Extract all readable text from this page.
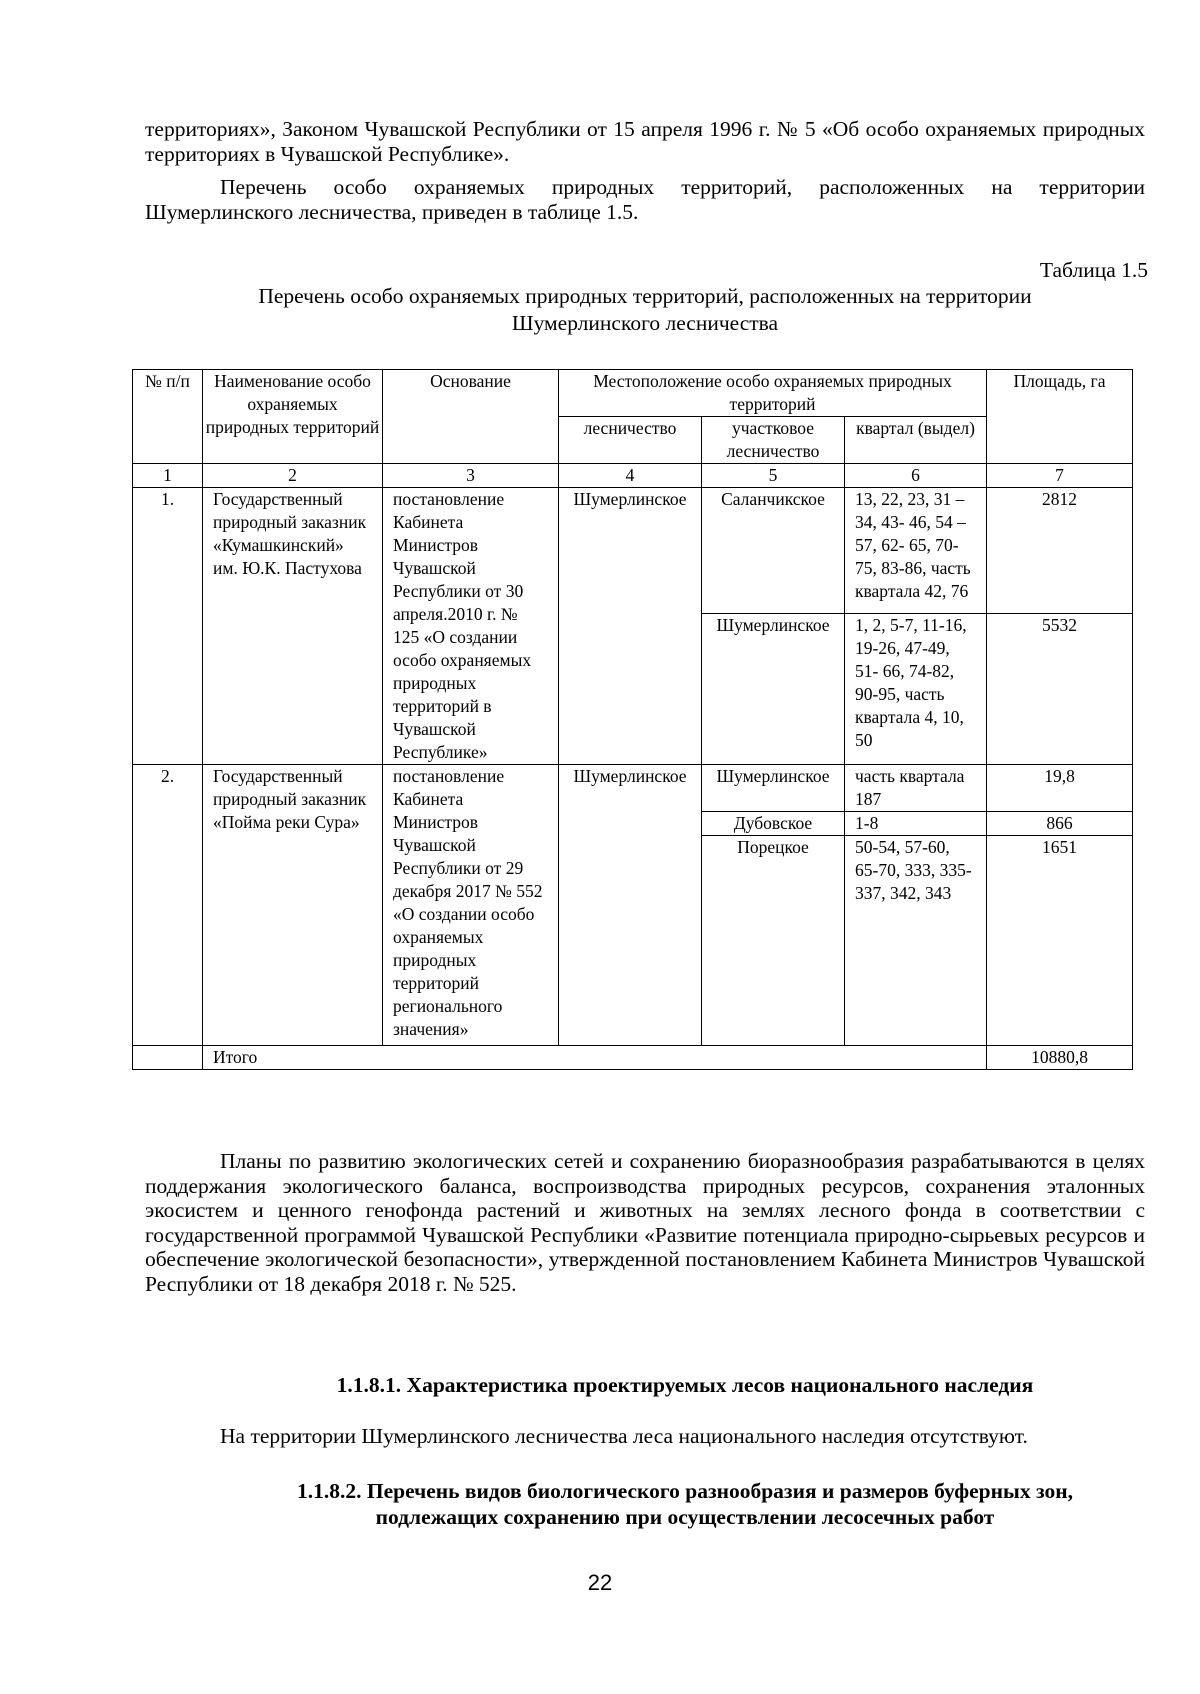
территориях», Законом Чувашской Республики от 15 апреля 1996 г. № 5 «Об особо охраняемых природных территориях в Чувашской Республике».

Перечень особо охраняемых природных территорий, расположенных на территории Шумерлинского лесничества, приведен в таблице 1.5.

Таблица 1.5
Перечень особо охраняемых природных территорий, расположенных на территории
Шумерлинского лесничества
№ п/п	Наименование особо охраняемых природных территорий	Основание	Местоположение особо охраняемых природных территорий			Площадь, га
			лесничество	участковое лесничество	квартал (выдел)	
1	2	3	4	5	6	7
1.	Государственный природный заказник «Кумашкинский» им. Ю.К. Пастухова	постановление Кабинета Министров Чувашской Республики от 30 апреля.2010 г. № 125 «О создании особо охраняемых природных территорий в Чувашской Республике»	Шумерлинское	Саланчикское	13, 22, 23, 31 – 34, 43- 46, 54 – 57, 62- 65, 70-75, 83-86, часть квартала 42, 76	2812
				Шумерлинское	1, 2, 5-7, 11-16, 19-26, 47-49, 51- 66, 74-82, 90-95, часть квартала 4, 10, 50	5532
2.	Государственный природный заказник «Пойма реки Сура»	постановление Кабинета Министров Чувашской Республики от 29 декабря 2017 № 552 «О создании особо охраняемых природных территорий регионального значения»	Шумерлинское	Шумерлинское	часть квартала 187	19,8
				Дубовское	1-8	866
				Порецкое	50-54, 57-60, 65-70, 333, 335-337, 342, 343	1651
	Итого					10880,8

Планы по развитию экологических сетей и сохранению биоразнообразия разрабатываются в целях поддержания экологического баланса, воспроизводства природных ресурсов, сохранения эталонных экосистем и ценного генофонда растений и животных на землях лесного фонда в соответствии с государственной программой Чувашской Республики «Развитие потенциала природно-сырьевых ресурсов и обеспечение экологической безопасности», утвержденной постановлением Кабинета Министров Чувашской Республики от 18 декабря 2018 г. № 525.

1.1.8.1. Характеристика проектируемых лесов национального наследия

На территории Шумерлинского лесничества леса национального наследия отсутствуют.

1.1.8.2. Перечень видов биологического разнообразия и размеров буферных зон,
подлежащих сохранению при осуществлении лесосечных работ
22
